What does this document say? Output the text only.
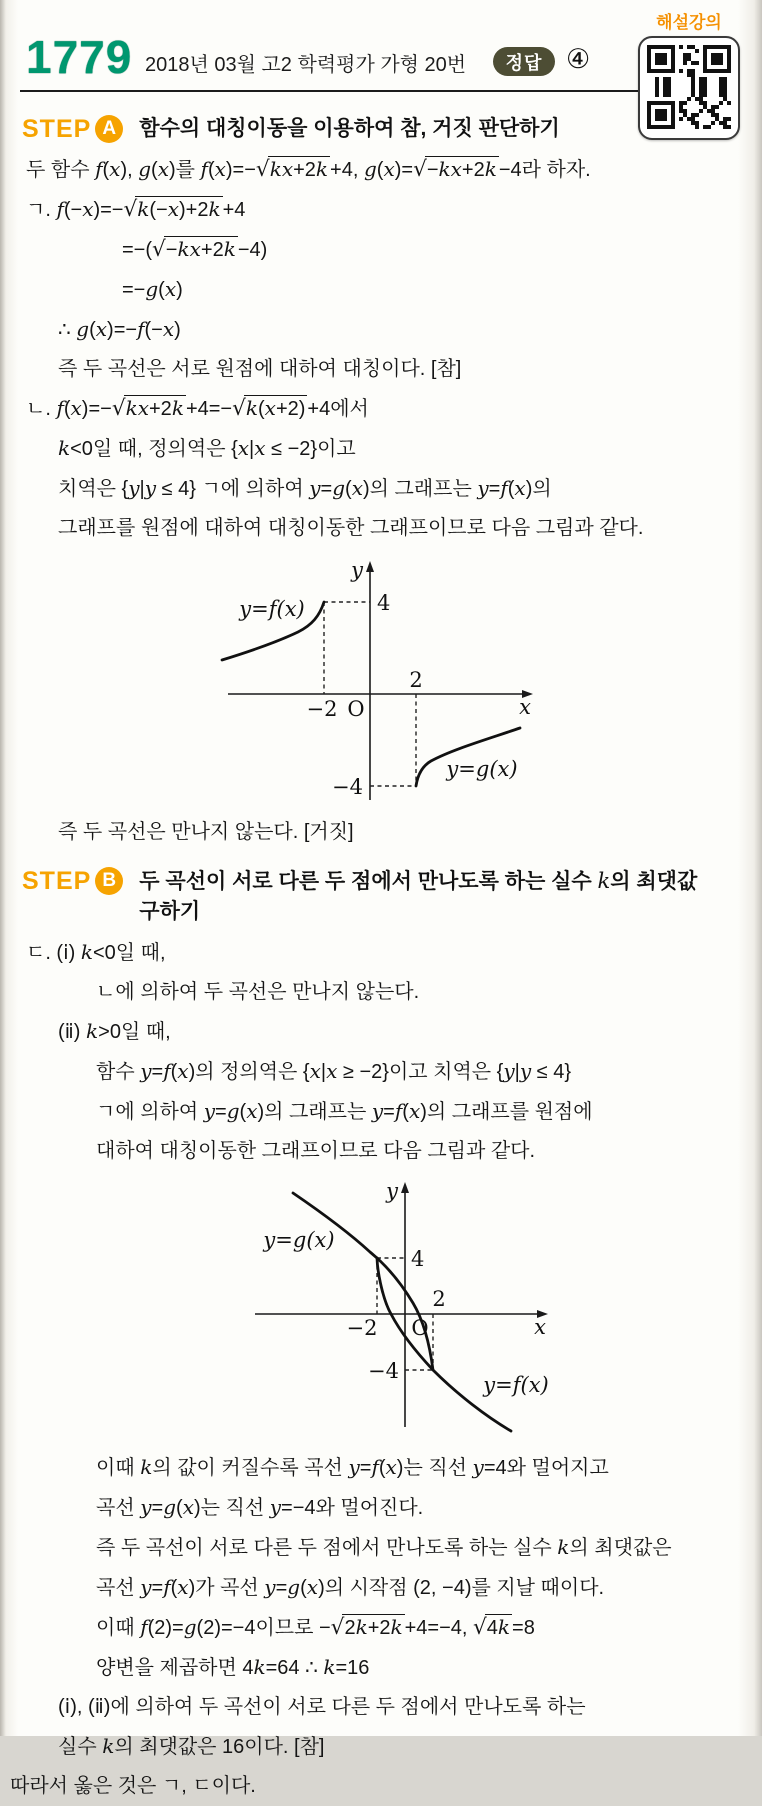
1779 2018년 03월 고2 학력평가 가형 20번	정답 ④
해설강의
STEP A	함수의 대칭이동을 이용하여 참, 거짓 판단하기
두 함수 f(x), g(x)를 f(x)=−√kx+2k +4, g(x)=√−kx+2k −4라 하자.
ㄱ. f(−x)=−√k(−x)+2k +4
=−(√−kx+2k −4)
=−g(x)
∴ g(x)=−f(−x)
즉 두 곡선은 서로 원점에 대하여 대칭이다. [참]
ㄴ. f(x)=−√kx+2k +4=−√k(x+2) +4에서
k<0일 때, 정의역은 {x|x ≤ −2}이고
치역은 {y|y ≤ 4} ㄱ에 의하여 y=g(x)의 그래프는 y=f(x)의
그래프를 원점에 대하여 대칭이동한 그래프이므로 다음 그림과 같다.
y
x
4
−2 O
2
−4
y=f(x)
y=g(x)
즉 두 곡선은 만나지 않는다. [거짓]
STEP B	두 곡선이 서로 다른 두 점에서 만나도록 하는 실수 k의 최댓값
구하기
ㄷ. (ⅰ) k<0일 때,
ㄴ에 의하여 두 곡선은 만나지 않는다.
(ⅱ) k>0일 때,
함수 y=f(x)의 정의역은 {x|x ≥ −2}이고 치역은 {y|y ≤ 4}
ㄱ에 의하여 y=g(x)의 그래프는 y=f(x)의 그래프를 원점에
대하여 대칭이동한 그래프이므로 다음 그림과 같다.
y
x
4
2
−2 O
−4
y=g(x)
y=f(x)
이때 k의 값이 커질수록 곡선 y=f(x)는 직선 y=4와 멀어지고
곡선 y=g(x)는 직선 y=−4와 멀어진다.
즉 두 곡선이 서로 다른 두 점에서 만나도록 하는 실수 k의 최댓값은
곡선 y=f(x)가 곡선 y=g(x)의 시작점 (2, −4)를 지날 때이다.
이때 f(2)=g(2)=−4이므로 −√2k+2k +4=−4, √4k =8
양변을 제곱하면 4k=64 ∴ k=16
(ⅰ), (ⅱ)에 의하여 두 곡선이 서로 다른 두 점에서 만나도록 하는
실수 k의 최댓값은 16이다. [참]
따라서 옳은 것은 ㄱ, ㄷ이다.
